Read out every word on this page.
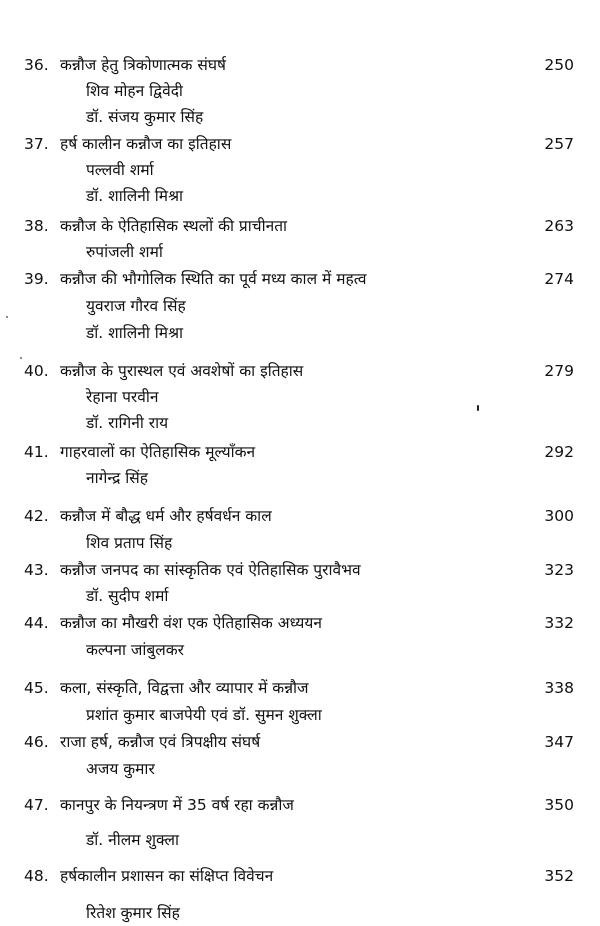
36. कन्नौज हेतु त्रिकोणात्मक संघर्ष	250
शिव मोहन द्विवेदी
डॉ. संजय कुमार सिंह
37. हर्ष कालीन कन्नौज का इतिहास	257
पल्लवी शर्मा
डॉ. शालिनी मिश्रा
38. कन्नौज के ऐतिहासिक स्थलों की प्राचीनता	263
रुपांजली शर्मा
39. कन्नौज की भौगोलिक स्थिति का पूर्व मध्य काल में महत्व	274
युवराज गौरव सिंह
डॉ. शालिनी मिश्रा
40. कन्नौज के पुरास्थल एवं अवशेषों का इतिहास	279
रेहाना परवीन
डॉ. रागिनी राय
41. गाहरवालों का ऐतिहासिक मूल्याँकन	292
नागेन्द्र सिंह
42. कन्नौज में बौद्ध धर्म और हर्षवर्धन काल	300
शिव प्रताप सिंह
43. कन्नौज जनपद का सांस्कृतिक एवं ऐतिहासिक पुरावैभव	323
डॉ. सुदीप शर्मा
44. कन्नौज का मौखरी वंश एक ऐतिहासिक अध्ययन	332
कल्पना जांबुलकर
45. कला, संस्कृति, विद्वत्ता और व्यापार में कन्नौज	338
प्रशांत कुमार बाजपेयी एवं डॉ. सुमन शुक्ला
46. राजा हर्ष, कन्नौज एवं त्रिपक्षीय संघर्ष	347
अजय कुमार
47. कानपुर के नियन्त्रण में 35 वर्ष रहा कन्नौज	350
डॉ. नीलम शुक्ला
48. हर्षकालीन प्रशासन का संक्षिप्त विवेचन	352
रितेश कुमार सिंह
